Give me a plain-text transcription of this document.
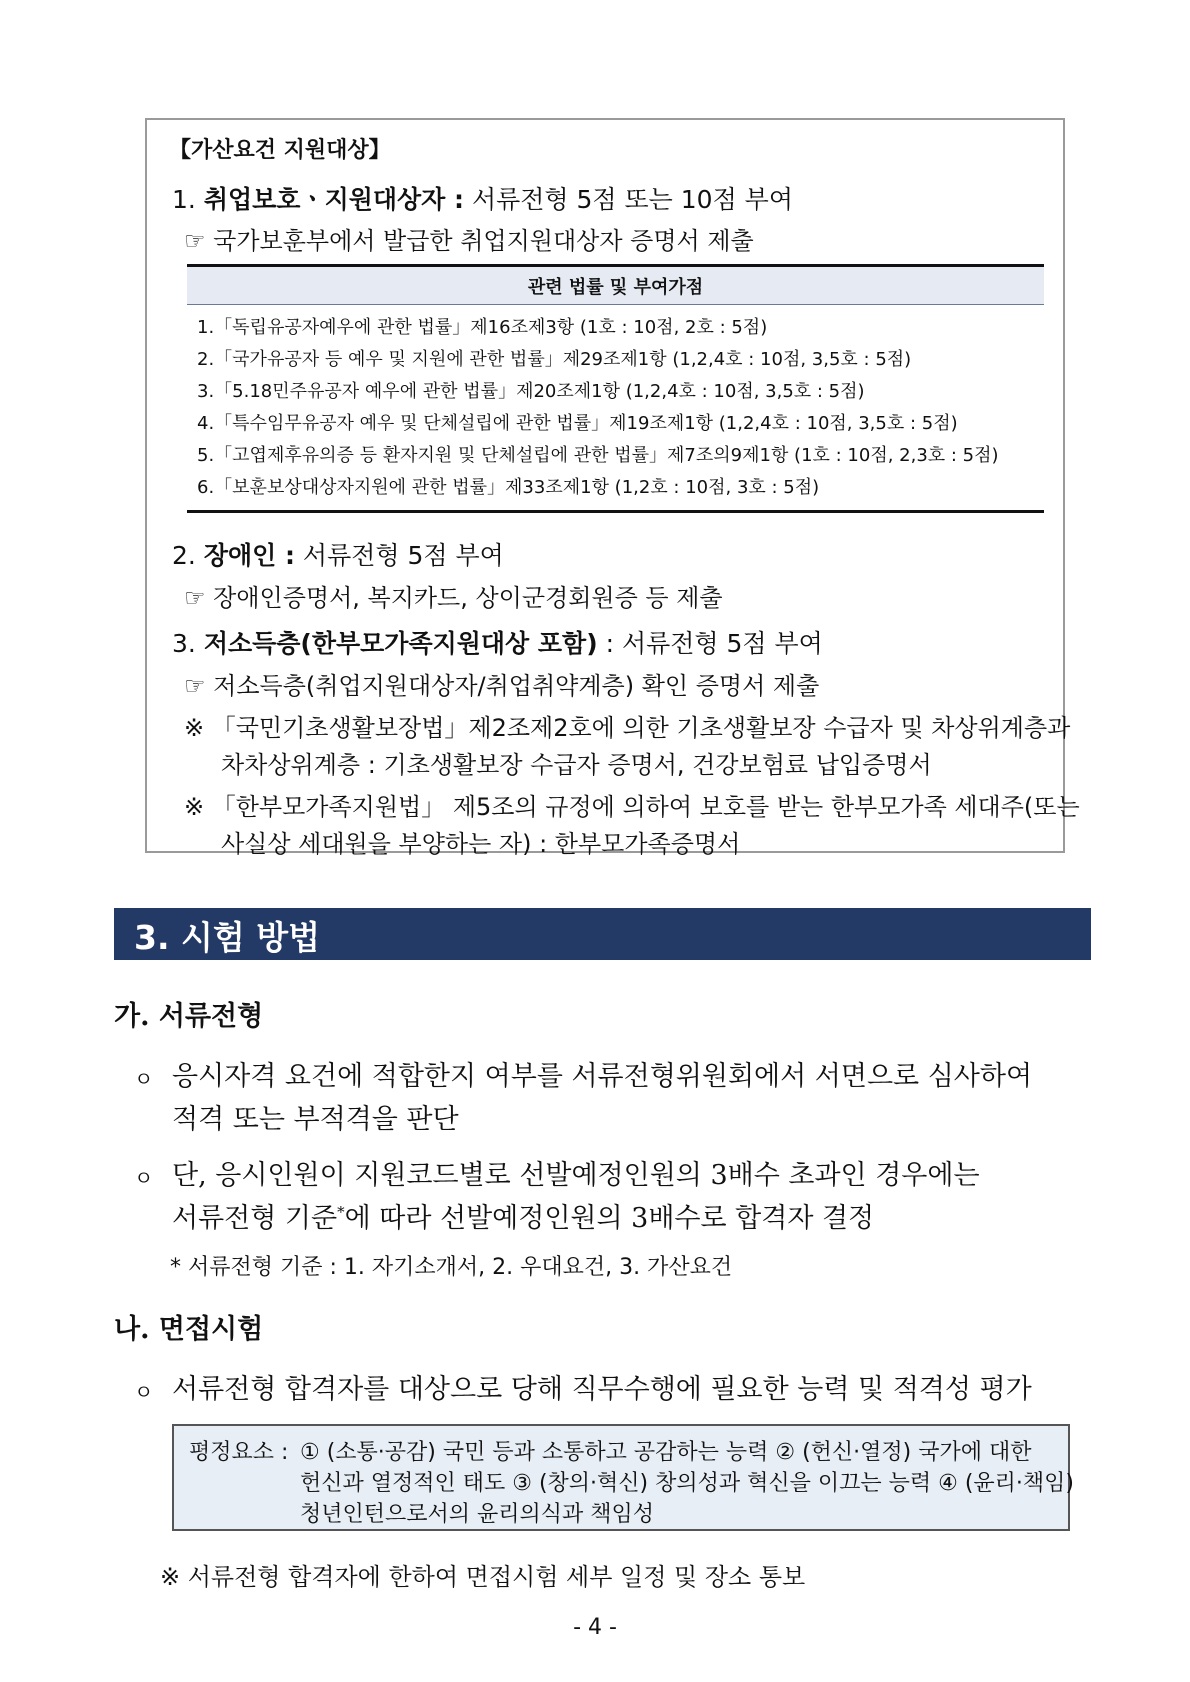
【가산요건 지원대상】
1. 취업보호ㆍ지원대상자 : 서류전형 5점 또는 10점 부여
☞ 국가보훈부에서 발급한 취업지원대상자 증명서 제출
관련 법률 및 부여가점
1.「독립유공자예우에 관한 법률」제16조제3항 (1호 : 10점, 2호 : 5점)
2.「국가유공자 등 예우 및 지원에 관한 법률」제29조제1항 (1,2,4호 : 10점, 3,5호 : 5점)
3.「5.18민주유공자 예우에 관한 법률」제20조제1항 (1,2,4호 : 10점, 3,5호 : 5점)
4.「특수임무유공자 예우 및 단체설립에 관한 법률」제19조제1항 (1,2,4호 : 10점, 3,5호 : 5점)
5.「고엽제후유의증 등 환자지원 및 단체설립에 관한 법률」제7조의9제1항 (1호 : 10점, 2,3호 : 5점)
6.「보훈보상대상자지원에 관한 법률」제33조제1항 (1,2호 : 10점, 3호 : 5점)
2. 장애인 : 서류전형 5점 부여
☞ 장애인증명서, 복지카드, 상이군경회원증 등 제출
3. 저소득층(한부모가족지원대상 포함) : 서류전형 5점 부여
☞ 저소득층(취업지원대상자/취업취약계층) 확인 증명서 제출
※ 「국민기초생활보장법」제2조제2호에 의한 기초생활보장 수급자 및 차상위계층과
차차상위계층 : 기초생활보장 수급자 증명서, 건강보험료 납입증명서
※ 「한부모가족지원법」 제5조의 규정에 의하여 보호를 받는 한부모가족 세대주(또는
사실상 세대원을 부양하는 자) : 한부모가족증명서
3. 시험 방법
가. 서류전형
ㅇ 응시자격 요건에 적합한지 여부를 서류전형위원회에서 서면으로 심사하여
적격 또는 부적격을 판단
ㅇ 단, 응시인원이 지원코드별로 선발예정인원의 3배수 초과인 경우에는
서류전형 기준*에 따라 선발예정인원의 3배수로 합격자 결정
* 서류전형 기준 : 1. 자기소개서, 2. 우대요건, 3. 가산요건
나. 면접시험
ㅇ 서류전형 합격자를 대상으로 당해 직무수행에 필요한 능력 및 적격성 평가
평정요소 : ① (소통·공감) 국민 등과 소통하고 공감하는 능력 ② (헌신·열정) 국가에 대한
헌신과 열정적인 태도 ③ (창의·혁신) 창의성과 혁신을 이끄는 능력 ④ (윤리·책임)
청년인턴으로서의 윤리의식과 책임성
※ 서류전형 합격자에 한하여 면접시험 세부 일정 및 장소 통보
- 4 -
